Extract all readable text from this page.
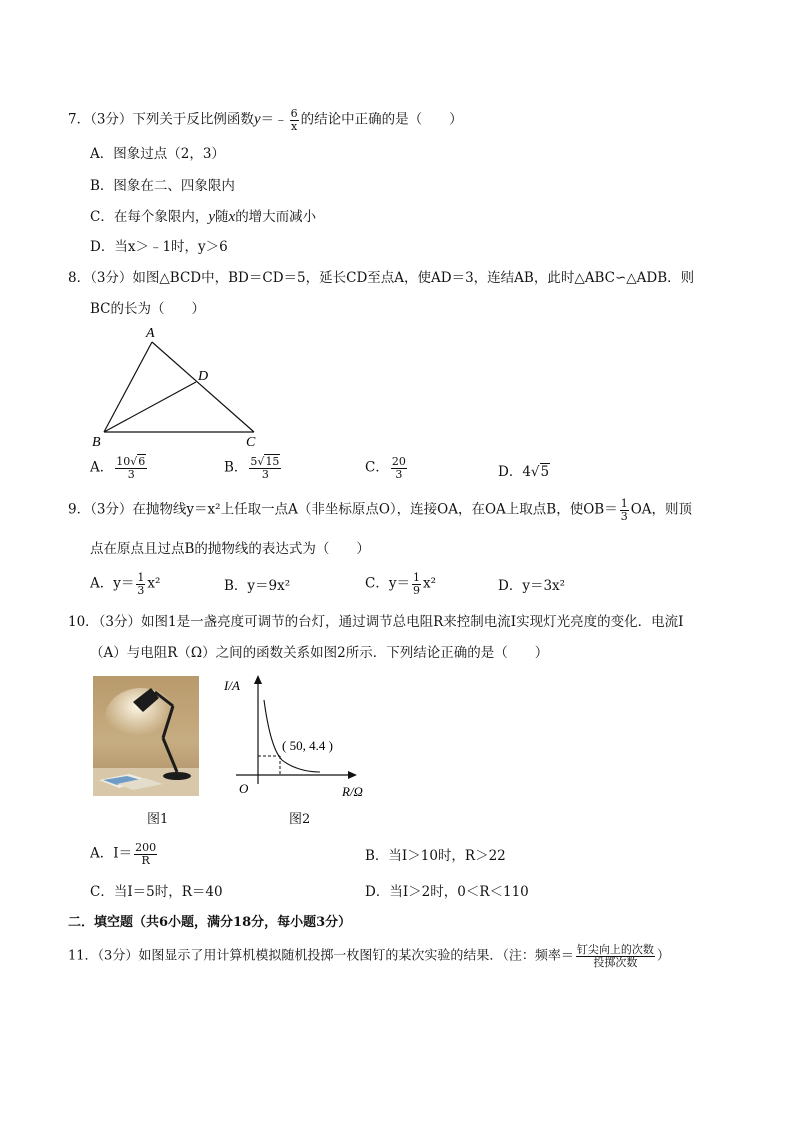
7．（3分）下列关于反比例函数y＝﹣ $\frac{6}{x}$ 的结论中正确的是（　　）
A．图象过点（2，3）
B．图象在二、四象限内
C．在每个象限内，y随x的增大而减小
D．当x＞﹣1时，y＞6
8．（3分）如图△BCD中，BD＝CD＝5，延长CD至点A，使AD＝3，连结AB，此时△ABC∽△ADB．则
BC的长为（　　）
A
D
B	C
A． $\frac{10√6}{3}$	B． $\frac{5√15}{3}$	C． $\frac{20}{3}$	D．4√5
9．（3分）在抛物线y＝x²上任取一点A（非坐标原点O），连接OA，在OA上取点B，使$OB= \frac{1}{3}$ OA，则顶
点在原点且过点B的抛物线的表达式为（　　）
A．$y= \frac{1}{3} x^2$	B．y＝9x²	C．$y= \frac{1}{9} x^2$	D．y＝3x²
10．（3分）如图1是一盏亮度可调节的台灯，通过调节总电阻R来控制电流I实现灯光亮度的变化．电流I
（A）与电阻R（Ω）之间的函数关系如图2所示．下列结论正确的是（　　）
图1
I/A
R/Ω
O
( 50, 4.4 )
图2
A．$I= \frac{200}{R}$	B．当I＞10时，R＞22
C．当I＝5时，R＝40	D．当I＞2时，0＜R＜110
二．填空题（共6小题，满分18分，每小题3分）
11．（3分）如图显示了用计算机模拟随机投掷一枚图钉的某次实验的结果．（注：频率＝ $\frac{\text{钉尖向上的次数}}{\text{投掷次数}}$ ）
